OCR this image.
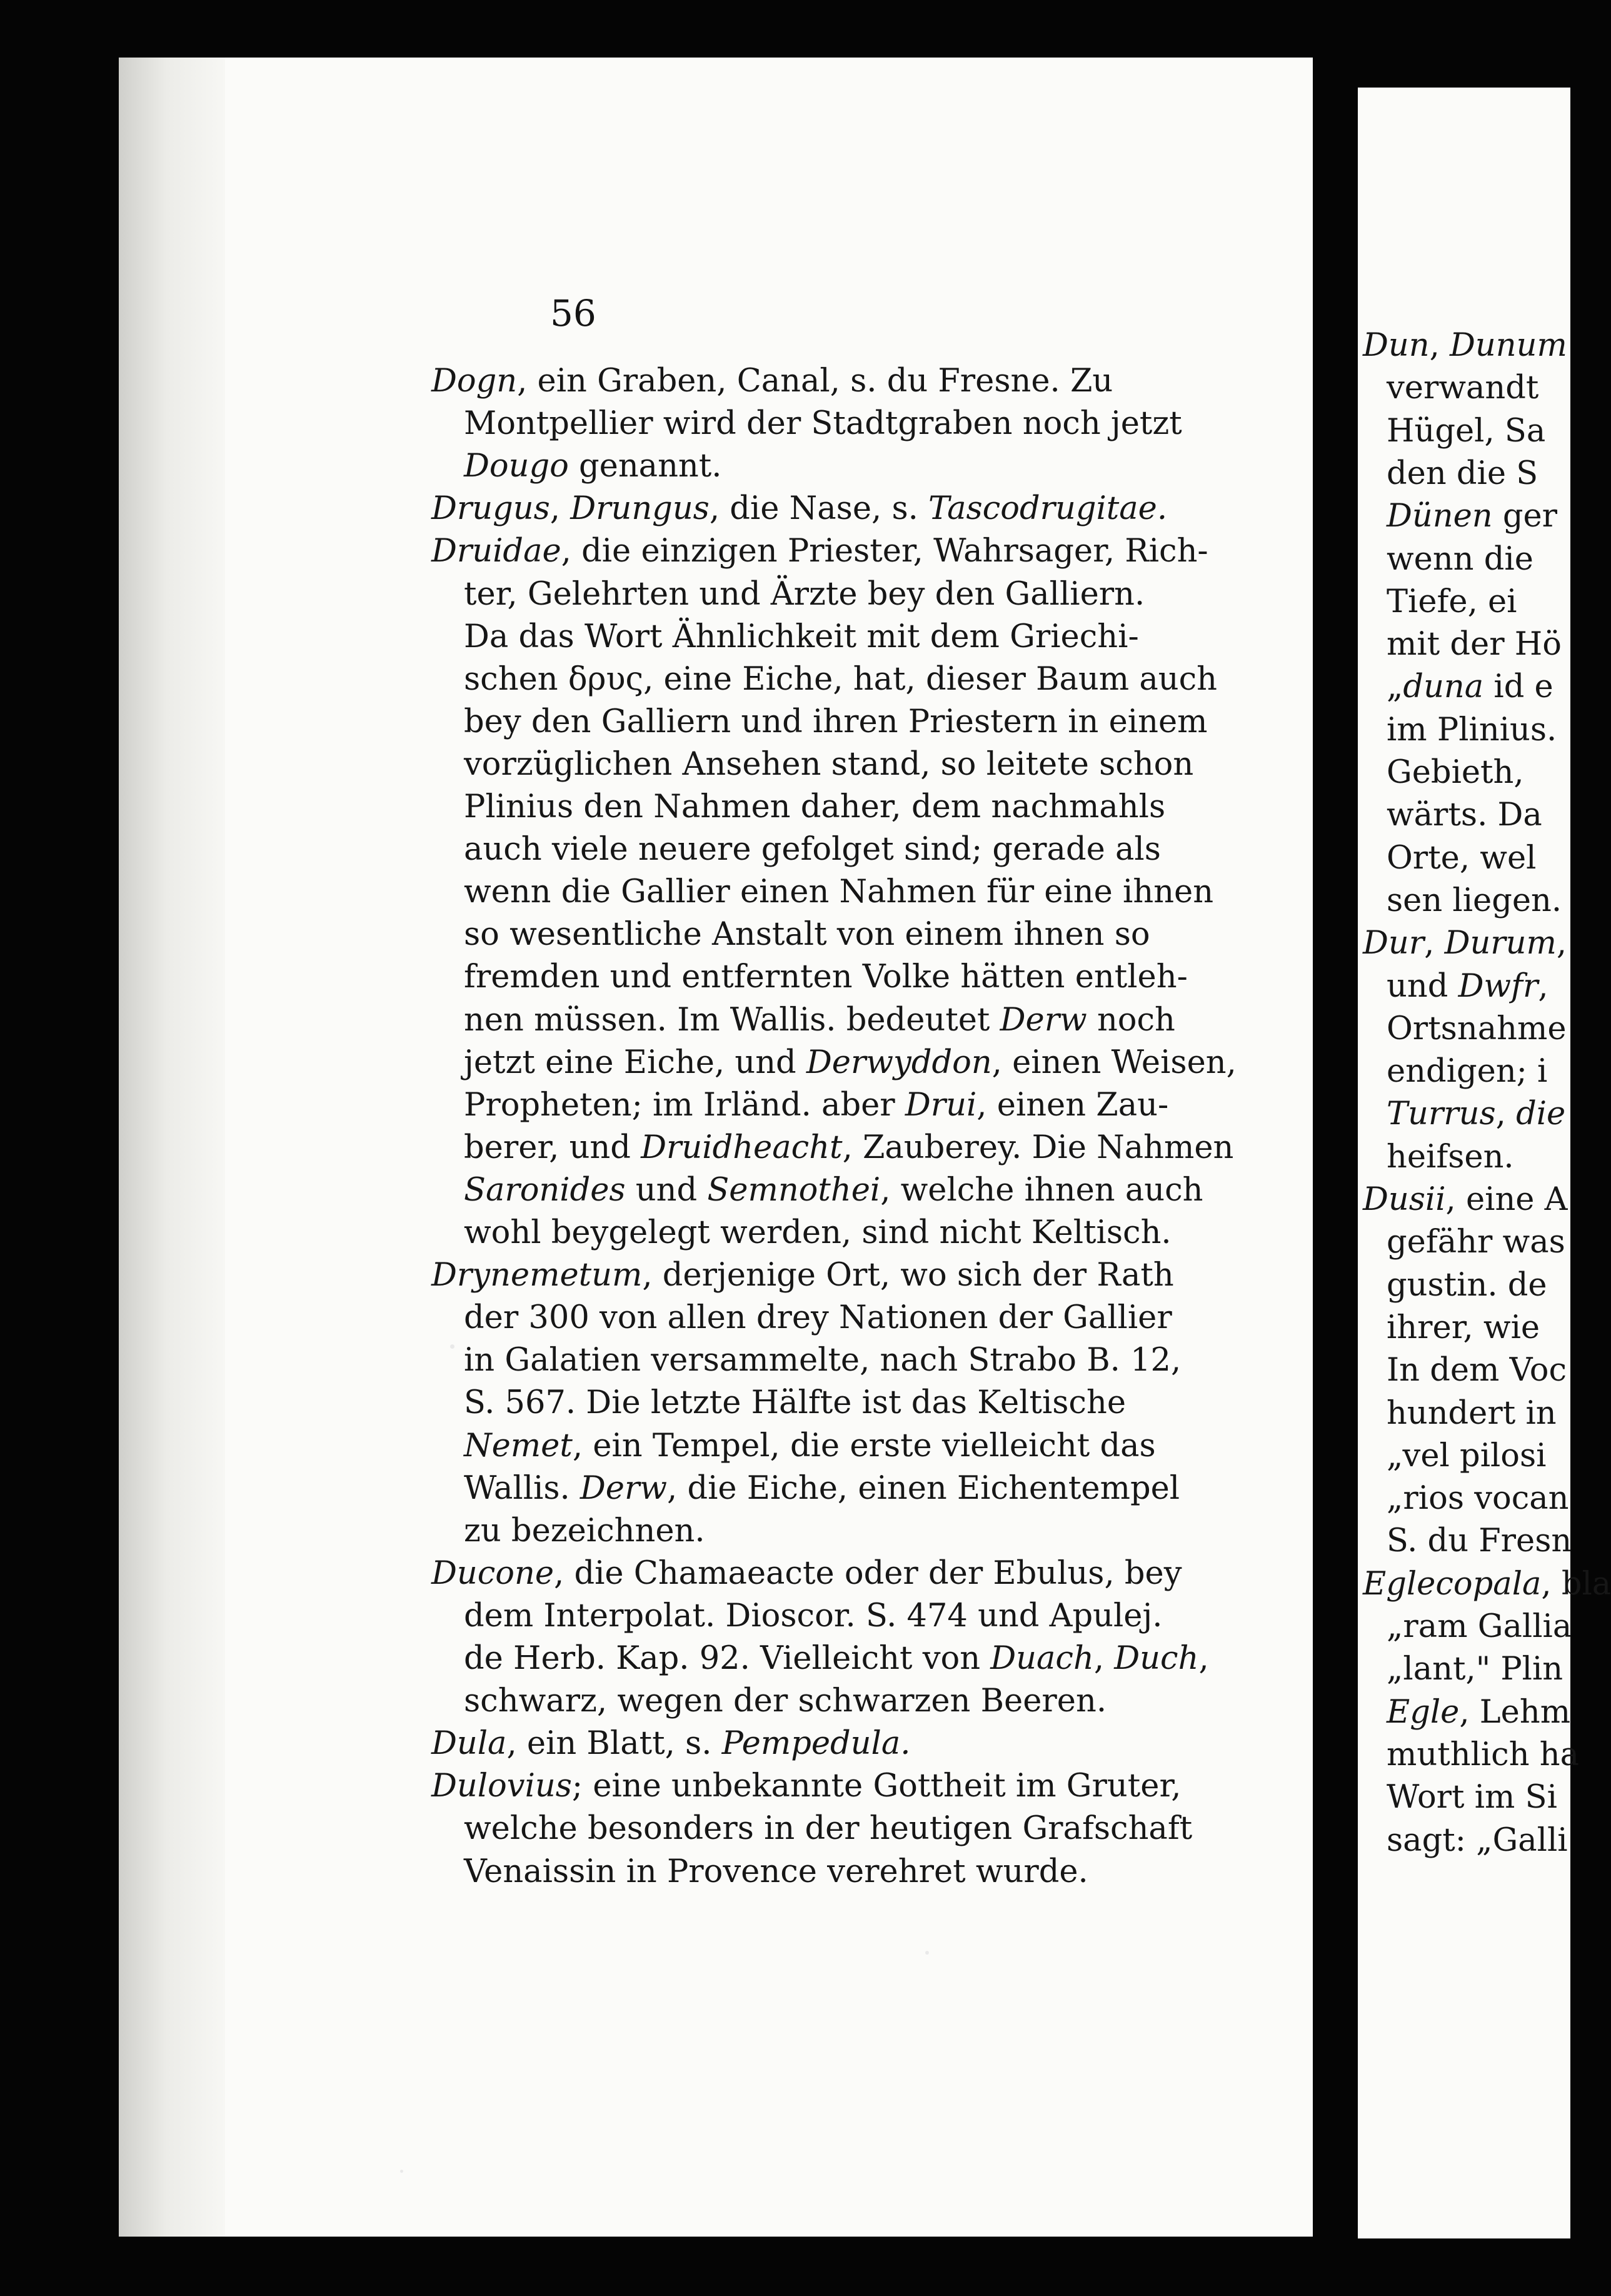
56
Dogn, ein Graben, Canal, s. du Fresne. Zu
Montpellier wird der Stadtgraben noch jetzt
Dougo genannt.
Drugus, Drungus, die Nase, s. Tascodrugitae.
Druidae, die einzigen Priester, Wahrsager, Rich-
ter, Gelehrten und Ärzte bey den Galliern.
Da das Wort Ähnlichkeit mit dem Griechi-
schen δρυς, eine Eiche, hat, dieser Baum auch
bey den Galliern und ihren Priestern in einem
vorzüglichen Ansehen stand, so leitete schon
Plinius den Nahmen daher, dem nachmahls
auch viele neuere gefolget sind; gerade als
wenn die Gallier einen Nahmen für eine ihnen
so wesentliche Anstalt von einem ihnen so
fremden und entfernten Volke hätten entleh-
nen müssen. Im Wallis. bedeutet Derw noch
jetzt eine Eiche, und Derwyddon, einen Weisen,
Propheten; im Irländ. aber Drui, einen Zau-
berer, und Druidheacht, Zauberey. Die Nahmen
Saronides und Semnothei, welche ihnen auch
wohl beygelegt werden, sind nicht Keltisch.
Drynemetum, derjenige Ort, wo sich der Rath
der 300 von allen drey Nationen der Gallier
in Galatien versammelte, nach Strabo B. 12,
S. 567. Die letzte Hälfte ist das Keltische
Nemet, ein Tempel, die erste vielleicht das
Wallis. Derw, die Eiche, einen Eichentempel
zu bezeichnen.
Ducone, die Chamaeacte oder der Ebulus, bey
dem Interpolat. Dioscor. S. 474 und Apulej.
de Herb. Kap. 92. Vielleicht von Duach, Duch,
schwarz, wegen der schwarzen Beeren.
Dula, ein Blatt, s. Pempedula.
Dulovius; eine unbekannte Gottheit im Gruter,
welche besonders in der heutigen Grafschaft
Venaissin in Provence verehret wurde.
Dun, Dunum
verwandt
Hügel, Sa
den die S
Dünen ger
wenn die
Tiefe, ei
mit der Hö
„duna id e
im Plinius.
Gebieth,
wärts. Da
Orte, wel
sen liegen.
Dur, Durum,
und Dwfr,
Ortsnahme
endigen; i
Turrus, die
heifsen.
Dusii, eine A
gefähr was
gustin. de
ihrer, wie
In dem Voc
hundert in
„vel pilosi
„rios vocan
S. du Fresn
Eglecopala, bla
„ram Gallia
„lant," Plin
Egle, Lehm
muthlich ha
Wort im Si
sagt: „Galli
